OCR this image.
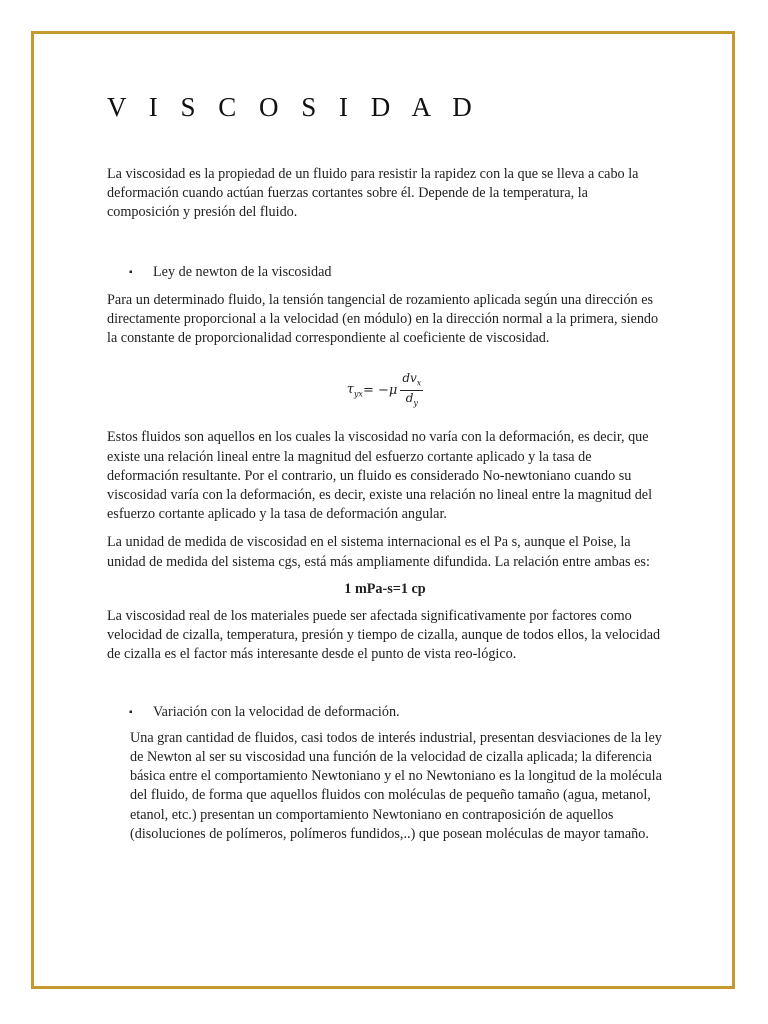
V I S C O S I D A D

La viscosidad es la propiedad de un fluido para resistir la rapidez con la que se lleva a cabo la deformación cuando actúan fuerzas cortantes sobre él. Depende de la temperatura, la composición y presión del fluido.

▪	Ley de newton de la viscosidad

Para un determinado fluido, la tensión tangencial de rozamiento aplicada según una dirección es directamente proporcional a la velocidad (en módulo) en la dirección normal a la primera, siendo la constante de proporcionalidad correspondiente al coeficiente de viscosidad.

$\tau_{yx} = -\mu \frac{dv_x}{d_y}$

Estos fluidos son aquellos en los cuales la viscosidad no varía con la deformación, es decir, que existe una relación lineal entre la magnitud del esfuerzo cortante aplicado y la tasa de deformación resultante. Por el contrario, un fluido es considerado No-newtoniano cuando su viscosidad varía con la deformación, es decir, existe una relación no lineal entre la magnitud del esfuerzo cortante aplicado y la tasa de deformación angular.

La unidad de medida de viscosidad en el sistema internacional es el Pa s, aunque el Poise, la unidad de medida del sistema cgs, está más ampliamente difundida. La relación entre ambas es:

1 mPa-s=1 cp

La viscosidad real de los materiales puede ser afectada significativamente por factores como velocidad de cizalla, temperatura, presión y tiempo de cizalla, aunque de todos ellos, la velocidad de cizalla es el factor más interesante desde el punto de vista reo-lógico.

▪	Variación con la velocidad de deformación.

Una gran cantidad de fluidos, casi todos de interés industrial, presentan desviaciones de la ley de Newton al ser su viscosidad una función de la velocidad de cizalla aplicada; la diferencia básica entre el comportamiento Newtoniano y el no Newtoniano es la longitud de la molécula del fluido, de forma que aquellos fluidos con moléculas de pequeño tamaño (agua, metanol, etanol, etc.) presentan un comportamiento Newtoniano en contraposición de aquellos (disoluciones de polímeros, polímeros fundidos,..) que posean moléculas de mayor tamaño.
